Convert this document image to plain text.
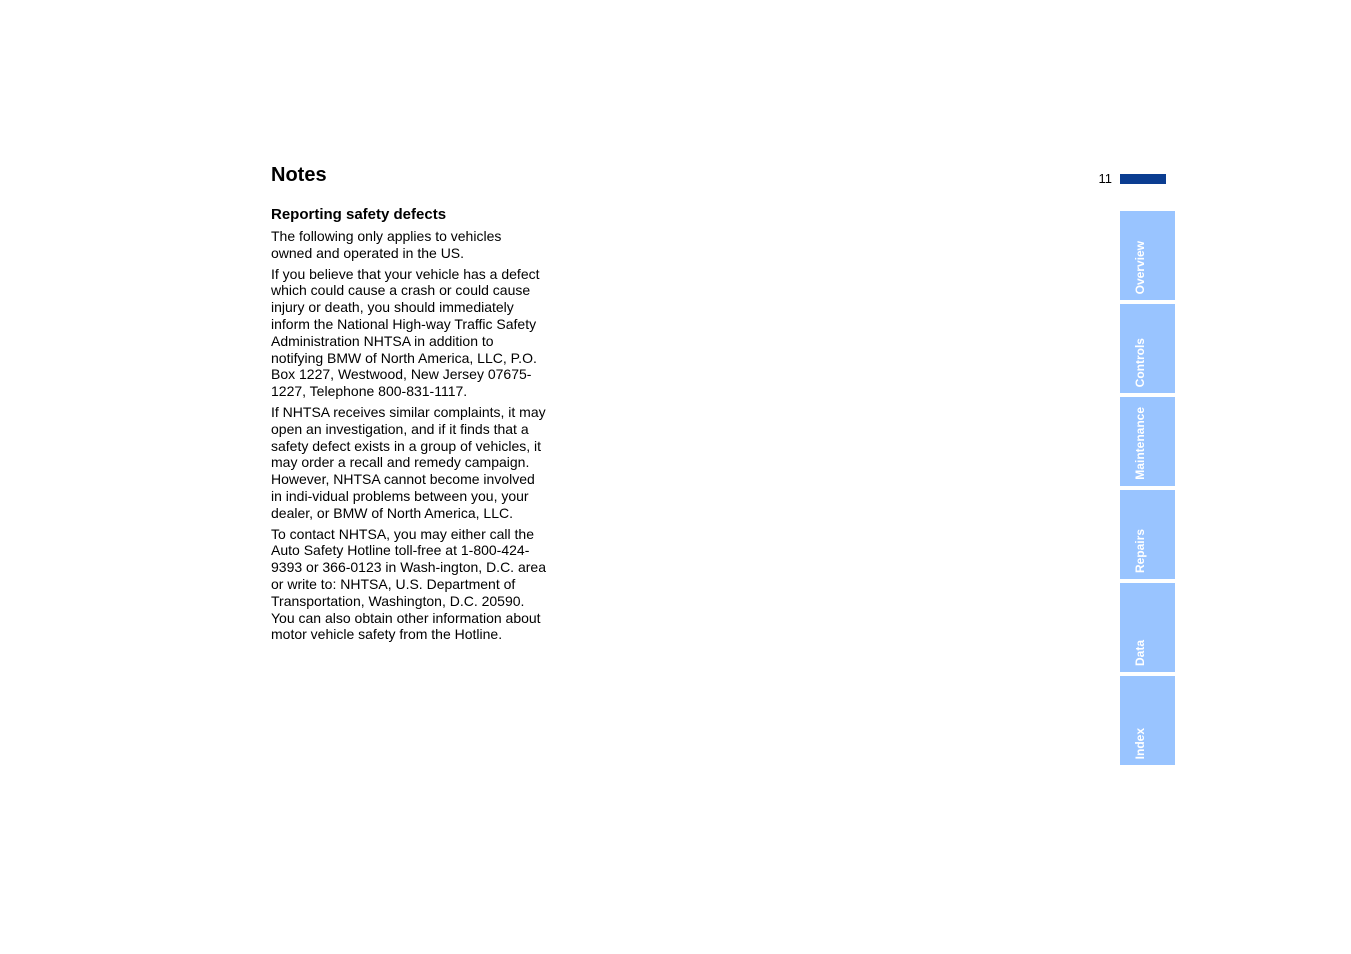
Notes	11
Reporting safety defects

The following only applies to vehicles owned and operated in the US.

If you believe that your vehicle has a defect which could cause a crash or could cause injury or death, you should immediately inform the National High-way Traffic Safety Administration NHTSA in addition to notifying BMW of North America, LLC, P.O. Box 1227, Westwood, New Jersey 07675-1227, Telephone 800-831-1117.

If NHTSA receives similar complaints, it may open an investigation, and if it finds that a safety defect exists in a group of vehicles, it may order a recall and remedy campaign. However, NHTSA cannot become involved in indi-vidual problems between you, your dealer, or BMW of North America, LLC.

To contact NHTSA, you may either call the Auto Safety Hotline toll-free at 1-800-424-9393 or 366-0123 in Wash-ington, D.C. area or write to: NHTSA, U.S. Department of Transportation, Washington, D.C. 20590. You can also obtain other information about motor vehicle safety from the Hotline.

Overview
Controls
Maintenance
Repairs
Data
Index
